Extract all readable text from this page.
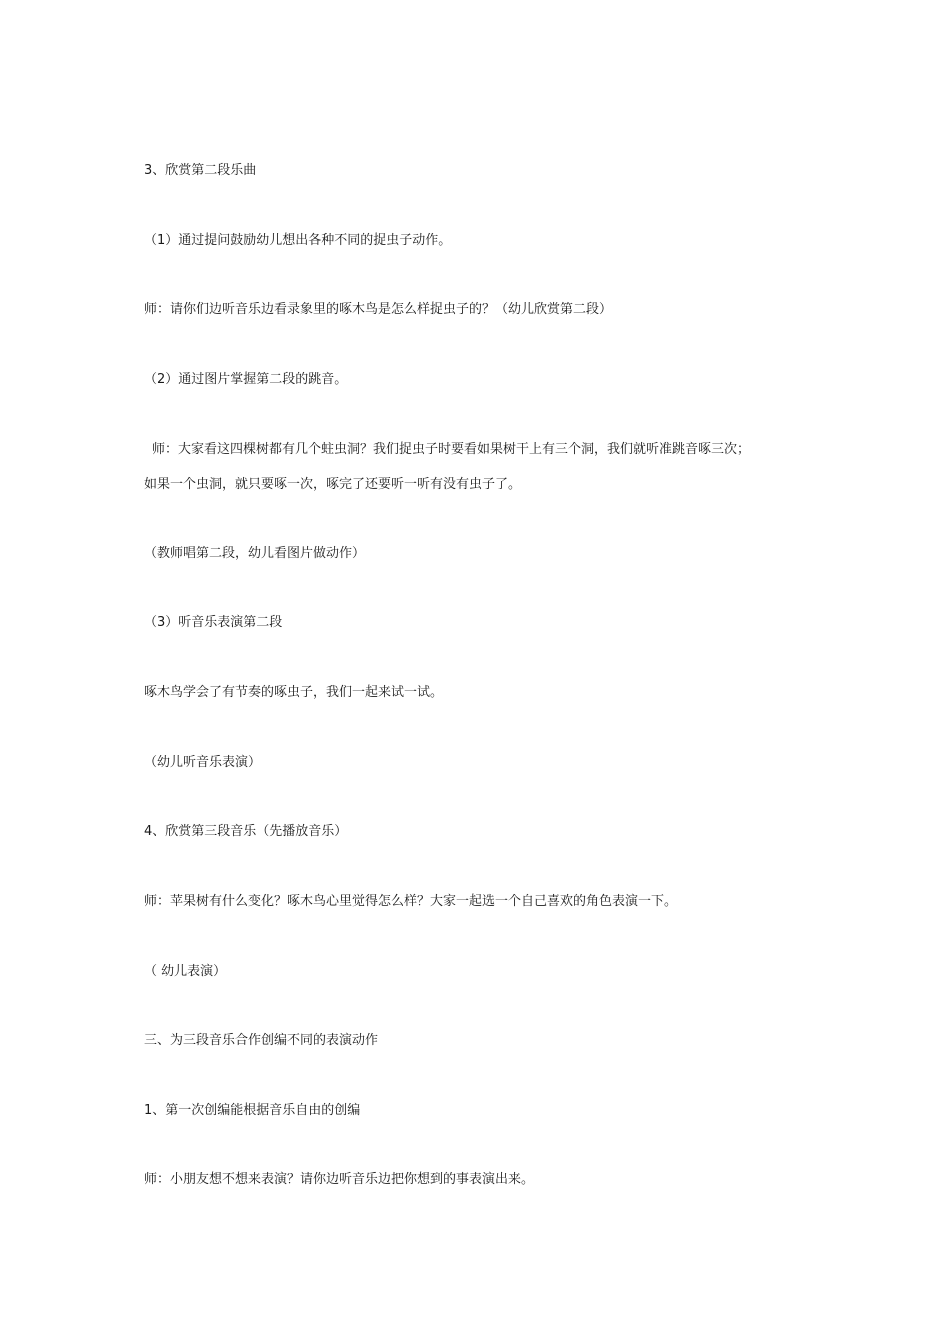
3、欣赏第二段乐曲

（1）通过提问鼓励幼儿想出各种不同的捉虫子动作。

师：请你们边听音乐边看录象里的啄木鸟是怎么样捉虫子的？（幼儿欣赏第二段）

（2）通过图片掌握第二段的跳音。

师：大家看这四棵树都有几个蛀虫洞？我们捉虫子时要看如果树干上有三个洞，我们就听准跳音啄三次；

如果一个虫洞，就只要啄一次，啄完了还要听一听有没有虫子了。

（教师唱第二段，幼儿看图片做动作）

（3）听音乐表演第二段

啄木鸟学会了有节奏的啄虫子，我们一起来试一试。

（幼儿听音乐表演）

4、欣赏第三段音乐（先播放音乐）

师：苹果树有什么变化？啄木鸟心里觉得怎么样？大家一起选一个自己喜欢的角色表演一下。

（ 幼儿表演）

三、为三段音乐合作创编不同的表演动作

1、第一次创编能根据音乐自由的创编

师：小朋友想不想来表演？请你边听音乐边把你想到的事表演出来。
